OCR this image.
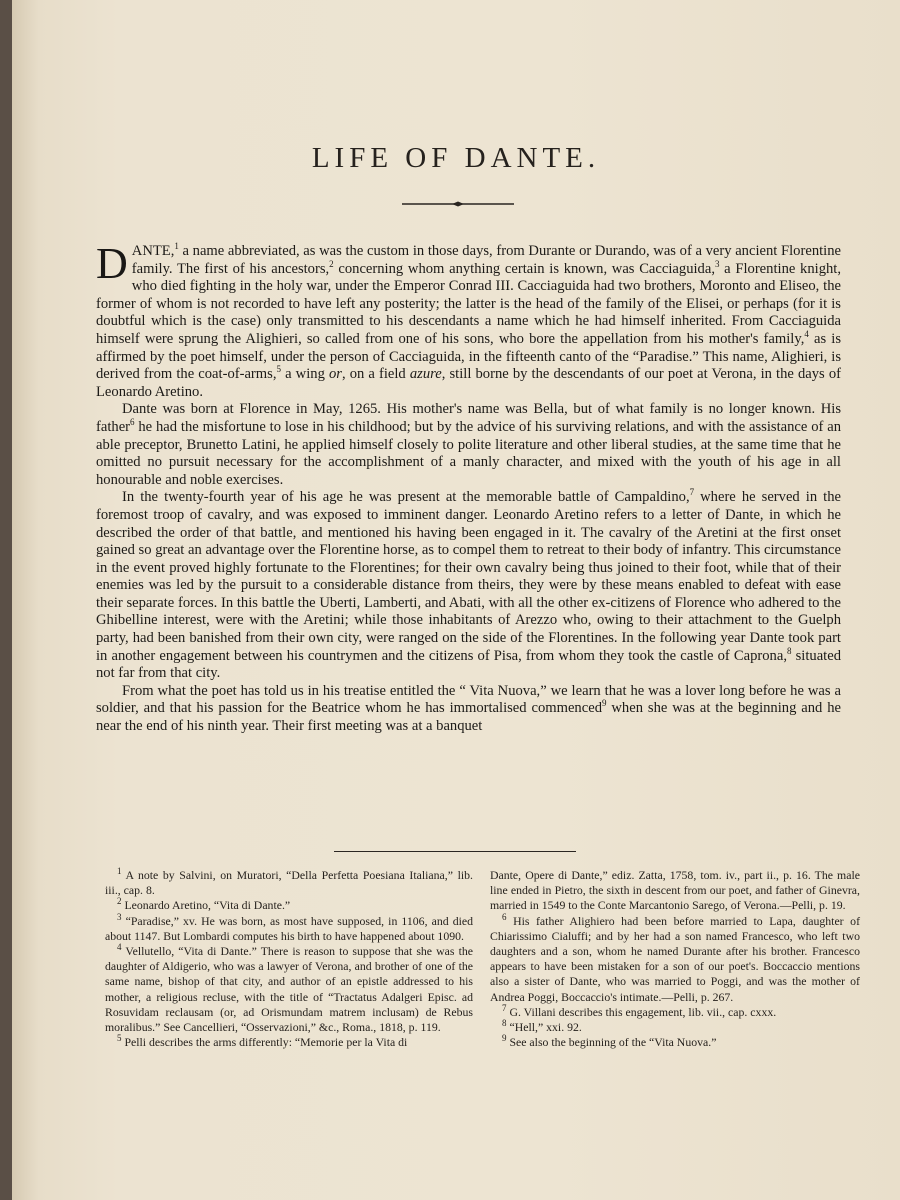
LIFE OF DANTE.
D ANTE,$^1$ a name abbreviated, as was the custom in those days, from Durante or Durando, was of a very ancient Florentine family. The first of his ancestors,$^2$ concerning whom anything certain is known, was Cacciaguida,$^3$ a Florentine knight, who died fighting in the holy war, under the Emperor Conrad III. Cacciaguida had two brothers, Moronto and Eliseo, the former of whom is not recorded to have left any posterity; the latter is the head of the family of the Elisei, or perhaps (for it is doubtful which is the case) only transmitted to his descendants a name which he had himself inherited. From Cacciaguida himself were sprung the Alighieri, so called from one of his sons, who bore the appellation from his mother's family,$^4$ as is affirmed by the poet himself, under the person of Cacciaguida, in the fifteenth canto of the “Paradise.” This name, Alighieri, is derived from the coat-of-arms,$^5$ a wing or, on a field azure, still borne by the descendants of our poet at Verona, in the days of Leonardo Aretino.

Dante was born at Florence in May, 1265. His mother's name was Bella, but of what family is no longer known. His father$^6$ he had the misfortune to lose in his childhood; but by the advice of his surviving relations, and with the assistance of an able preceptor, Brunetto Latini, he applied himself closely to polite literature and other liberal studies, at the same time that he omitted no pursuit necessary for the accomplishment of a manly character, and mixed with the youth of his age in all honourable and noble exercises.

In the twenty-fourth year of his age he was present at the memorable battle of Campaldino,$^7$ where he served in the foremost troop of cavalry, and was exposed to imminent danger. Leonardo Aretino refers to a letter of Dante, in which he described the order of that battle, and mentioned his having been engaged in it. The cavalry of the Aretini at the first onset gained so great an advantage over the Florentine horse, as to compel them to retreat to their body of infantry. This circumstance in the event proved highly fortunate to the Florentines; for their own cavalry being thus joined to their foot, while that of their enemies was led by the pursuit to a considerable distance from theirs, they were by these means enabled to defeat with ease their separate forces. In this battle the Uberti, Lamberti, and Abati, with all the other ex-citizens of Florence who adhered to the Ghibelline interest, were with the Aretini; while those inhabitants of Arezzo who, owing to their attachment to the Guelph party, had been banished from their own city, were ranged on the side of the Florentines. In the following year Dante took part in another engagement between his countrymen and the citizens of Pisa, from whom they took the castle of Caprona,$^8$ situated not far from that city.

From what the poet has told us in his treatise entitled the “ Vita Nuova,” we learn that he was a lover long before he was a soldier, and that his passion for the Beatrice whom he has immortalised commenced$^9$ when she was at the beginning and he near the end of his ninth year. Their first meeting was at a banquet

$^1$ A note by Salvini, on Muratori, “Della Perfetta Poesiana Italiana,” lib. iii., cap. 8.

$^2$ Leonardo Aretino, “Vita di Dante.”

$^3$ “Paradise,” xv. He was born, as most have supposed, in 1106, and died about 1147. But Lombardi computes his birth to have happened about 1090.

$^4$ Vellutello, “Vita di Dante.” There is reason to suppose that she was the daughter of Aldigerio, who was a lawyer of Verona, and brother of one of the same name, bishop of that city, and author of an epistle addressed to his mother, a religious recluse, with the title of “Tractatus Adalgeri Episc. ad Rosuvidam reclausam (or, ad Orismundam matrem inclusam) de Rebus moralibus.” See Cancellieri, “Osservazioni,” &c., Roma., 1818, p. 119.

$^5$ Pelli describes the arms differently: “Memorie per la Vita di

Dante, Opere di Dante,” ediz. Zatta, 1758, tom. iv., part ii., p. 16. The male line ended in Pietro, the sixth in descent from our poet, and father of Ginevra, married in 1549 to the Conte Marcantonio Sarego, of Verona.—Pelli, p. 19.

$^6$ His father Alighiero had been before married to Lapa, daughter of Chiarissimo Cialuffi; and by her had a son named Francesco, who left two daughters and a son, whom he named Durante after his brother. Francesco appears to have been mistaken for a son of our poet's. Boccaccio mentions also a sister of Dante, who was married to Poggi, and was the mother of Andrea Poggi, Boccaccio's intimate.—Pelli, p. 267.

$^7$ G. Villani describes this engagement, lib. vii., cap. cxxx.

$^8$ “Hell,” xxi. 92.

$^9$ See also the beginning of the “Vita Nuova.”
